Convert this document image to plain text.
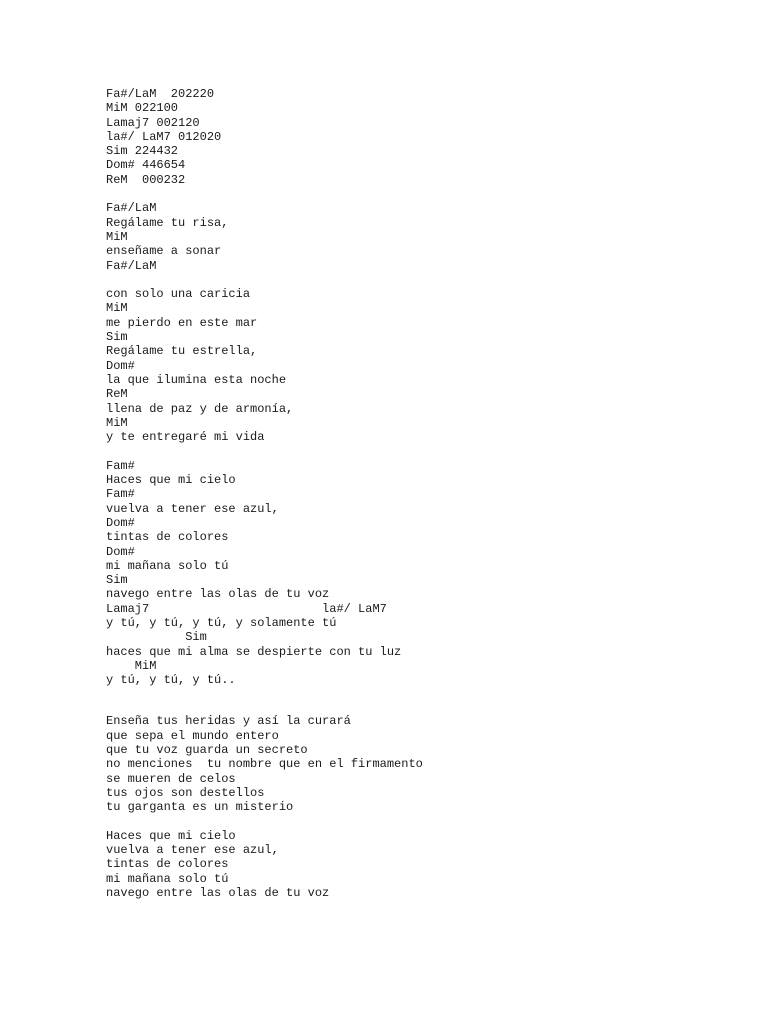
Fa#/LaM  202220
MiM 022100
Lamaj7 002120
la#/ LaM7 012020
Sim 224432
Dom# 446654
ReM  000232
Fa#/LaM
Regálame tu risa,
MiM
enseñame a sonar
Fa#/LaM
con solo una caricia
MiM
me pierdo en este mar
Sim
Regálame tu estrella,
Dom#
la que ilumina esta noche
ReM
llena de paz y de armonía,
MiM
y te entregaré mi vida
Fam#
Haces que mi cielo
Fam#
vuelva a tener ese azul,
Dom#
tintas de colores
Dom#
mi mañana solo tú
Sim
navego entre las olas de tu voz
Lamaj7                        la#/ LaM7
y tú, y tú, y tú, y solamente tú
Sim
haces que mi alma se despierte con tu luz
MiM
y tú, y tú, y tú..
Enseña tus heridas y así la curará
que sepa el mundo entero
que tu voz guarda un secreto
no menciones  tu nombre que en el firmamento
se mueren de celos
tus ojos son destellos
tu garganta es un misterio
Haces que mi cielo
vuelva a tener ese azul,
tintas de colores
mi mañana solo tú
navego entre las olas de tu voz
